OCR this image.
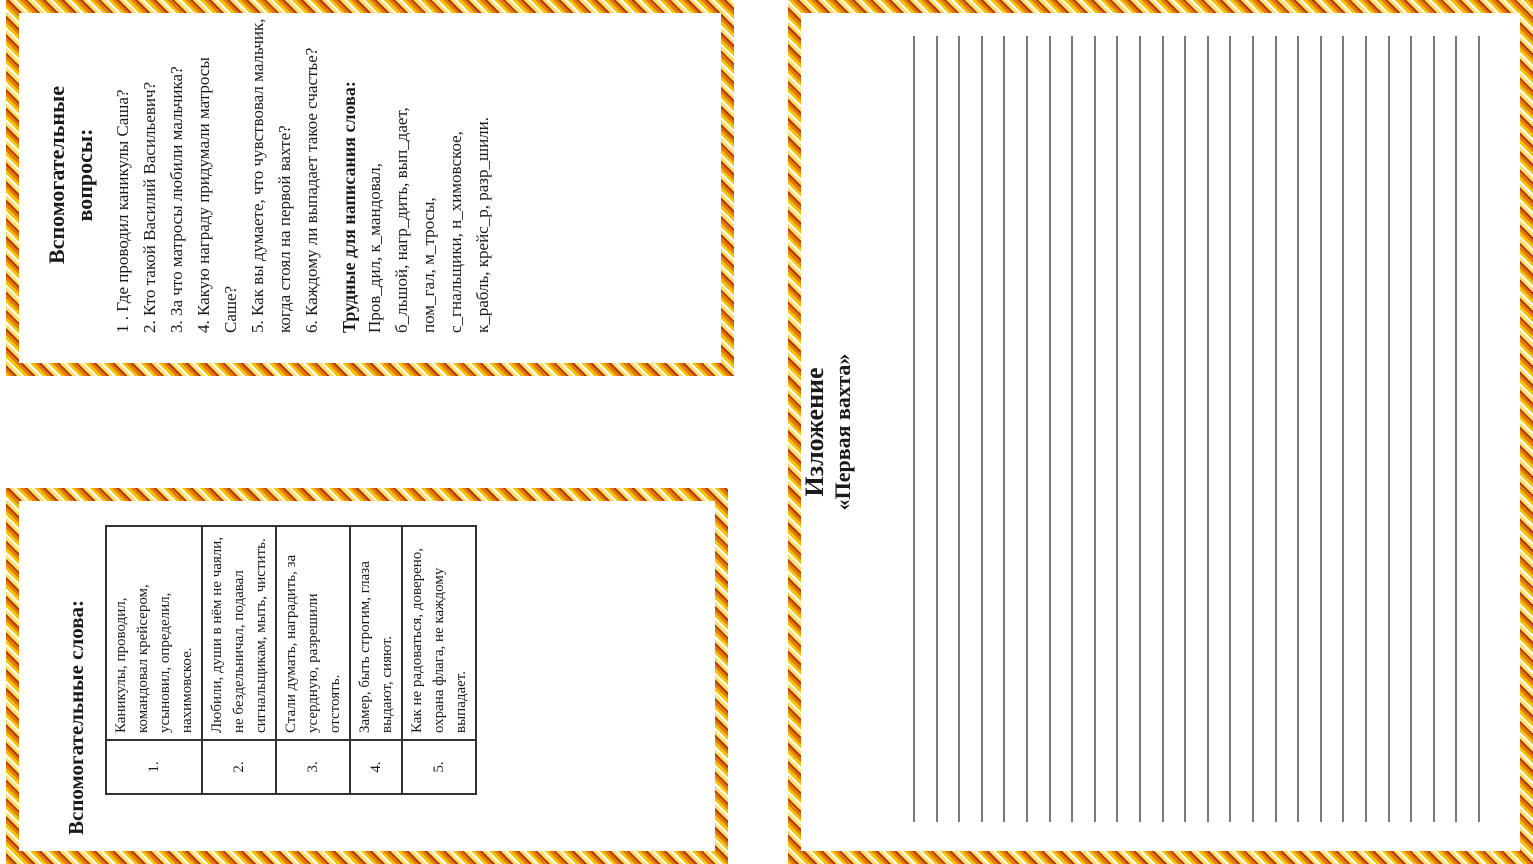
Вспомогательные вопросы: 1 . Где проводил каникулы Саша? 2. Кто такой Василий Васильевич? 3. За что матросы любили мальчика? 4. Какую награду придумали матросы Саше? 5. Как вы думаете, что чувствовал мальчик, когда стоял на первой вахте? 6. Каждому ли выпадает такое счастье? Трудные для написания слова: Пров_дил, к_мандовал, б_льшой, нагр_дить, вып_дает, пом_гал, м_тросы, с_гнальщики, н_химовское, к_рабль, крейс_р, разр_шили.
Вспомогательные слова:	1.	Каникулы, проводил, командовал крейсером, усыновил, определил, нахимовское.
2.	Любили, души в нём не чаяли, не бездельничал, подавал сигнальщикам, мыть, чистить.
3.	Стали думать, наградить, за усердную, разрешили отстоять.
4.	Замер, быть строгим, глаза выдают, сияют.
5.	Как не радоваться, доверено, охрана флага, не каждому выпадает.
Изложение «Первая вахта»
